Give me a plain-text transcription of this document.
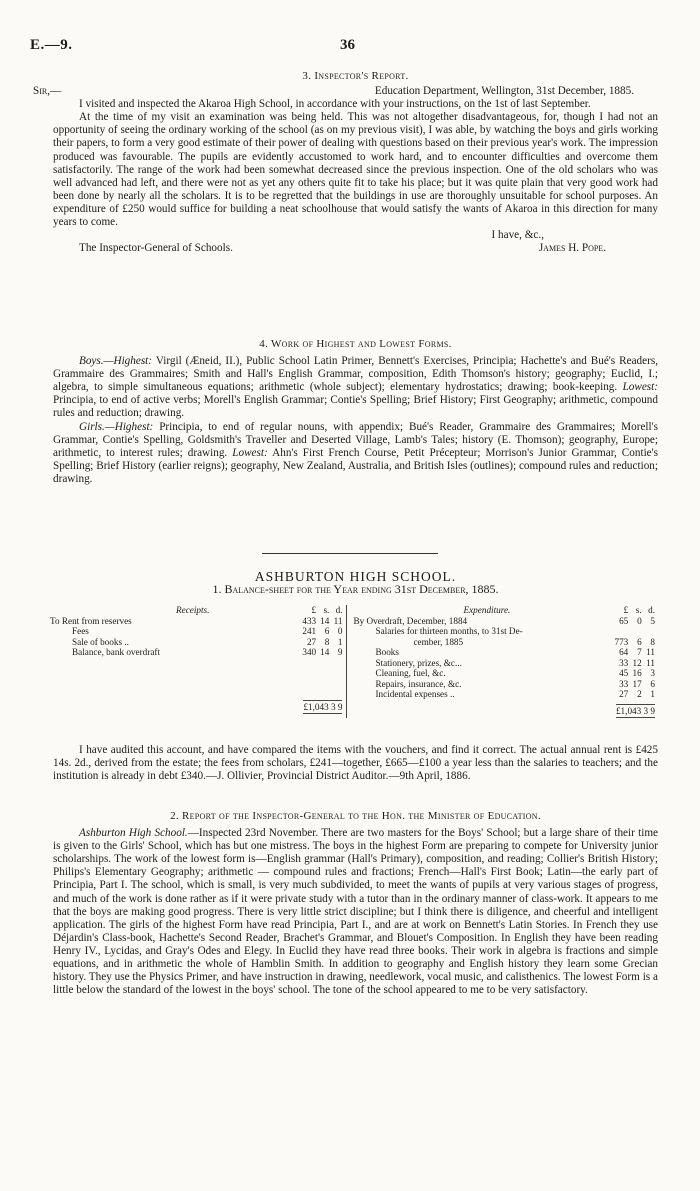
E.—9.	36
3. Inspector's Report.
Sir,—	Education Department, Wellington, 31st December, 1885.

I visited and inspected the Akaroa High School, in accordance with your instructions, on the 1st of last September.

At the time of my visit an examination was being held. This was not altogether disadvantageous, for, though I had not an opportunity of seeing the ordinary working of the school (as on my previous visit), I was able, by watching the boys and girls working their papers, to form a very good estimate of their power of dealing with questions based on their previous year's work. The impression produced was favourable. The pupils are evidently accustomed to work hard, and to encounter difficulties and overcome them satisfactorily. The range of the work had been somewhat decreased since the previous inspection. One of the old scholars who was well advanced had left, and there were not as yet any others quite fit to take his place; but it was quite plain that very good work had been done by nearly all the scholars. It is to be regretted that the buildings in use are thoroughly unsuitable for school purposes. An expenditure of £250 would suffice for building a neat schoolhouse that would satisfy the wants of Akaroa in this direction for many years to come.

I have, &c.,
The Inspector-General of Schools.	James H. Pope.
4. Work of Highest and Lowest Forms.

Boys.—Highest: Virgil (Æneid, II.), Public School Latin Primer, Bennett's Exercises, Principia; Hachette's and Bué's Readers, Grammaire des Grammaires; Smith and Hall's English Grammar, composition, Edith Thomson's history; geography; Euclid, I.; algebra, to simple simultaneous equations; arithmetic (whole subject); elementary hydrostatics; drawing; book-keeping. Lowest: Principia, to end of active verbs; Morell's English Grammar; Contie's Spelling; Brief History; First Geography; arithmetic, compound rules and reduction; drawing.

Girls.—Highest: Principia, to end of regular nouns, with appendix; Bué's Reader, Grammaire des Grammaires; Morell's Grammar, Contie's Spelling, Goldsmith's Traveller and Deserted Village, Lamb's Tales; history (E. Thomson); geography, Europe; arithmetic, to interest rules; drawing. Lowest: Ahn's First French Course, Petit Précepteur; Morrison's Junior Grammar, Contie's Spelling; Brief History (earlier reigns); geography, New Zealand, Australia, and British Isles (outlines); compound rules and reduction; drawing.

ASHBURTON HIGH SCHOOL.
1. Balance-sheet for the Year ending 31st December, 1885.
Receipts.	£	s.	d.
To Rent from reserves	433	14	11
Fees	241	6	0
Sale of books ..	27	8	1
Balance, bank overdraft	340	14	9

	£1,043 3 9

Expenditure.	£	s.	d.
By Overdraft, December, 1884	65	0	5
Salaries for thirteen months, to 31st De-			
cember, 1885	773	6	8
Books	64	7	11
Stationery, prizes, &c...	33	12	11
Cleaning, fuel, &c.	45	16	3
Repairs, insurance, &c.	33	17	6
Incidental expenses ..	27	2	1

	£1,043 3 9

I have audited this account, and have compared the items with the vouchers, and find it correct. The actual annual rent is £425 14s. 2d., derived from the estate; the fees from scholars, £241—together, £665—£100 a year less than the salaries to teachers; and the institution is already in debt £340.—J. Ollivier, Provincial District Auditor.—9th April, 1886.

2. Report of the Inspector-General to the Hon. the Minister of Education.

Ashburton High School.—Inspected 23rd November. There are two masters for the Boys' School; but a large share of their time is given to the Girls' School, which has but one mistress. The boys in the highest Form are preparing to compete for University junior scholarships. The work of the lowest form is—English grammar (Hall's Primary), composition, and reading; Collier's British History; Philips's Elementary Geography; arithmetic — compound rules and fractions; French—Hall's First Book; Latin—the early part of Principia, Part I. The school, which is small, is very much subdivided, to meet the wants of pupils at very various stages of progress, and much of the work is done rather as if it were private study with a tutor than in the ordinary manner of class-work. It appears to me that the boys are making good progress. There is very little strict discipline; but I think there is diligence, and cheerful and intelligent application. The girls of the highest Form have read Principia, Part I., and are at work on Bennett's Latin Stories. In French they use Déjardin's Class-book, Hachette's Second Reader, Brachet's Grammar, and Blouet's Composition. In English they have been reading Henry IV., Lycidas, and Gray's Odes and Elegy. In Euclid they have read three books. Their work in algebra is fractions and simple equations, and in arithmetic the whole of Hamblin Smith. In addition to geography and English history they learn some Grecian history. They use the Physics Primer, and have instruction in drawing, needlework, vocal music, and calisthenics. The lowest Form is a little below the standard of the lowest in the boys' school. The tone of the school appeared to me to be very satisfactory.
